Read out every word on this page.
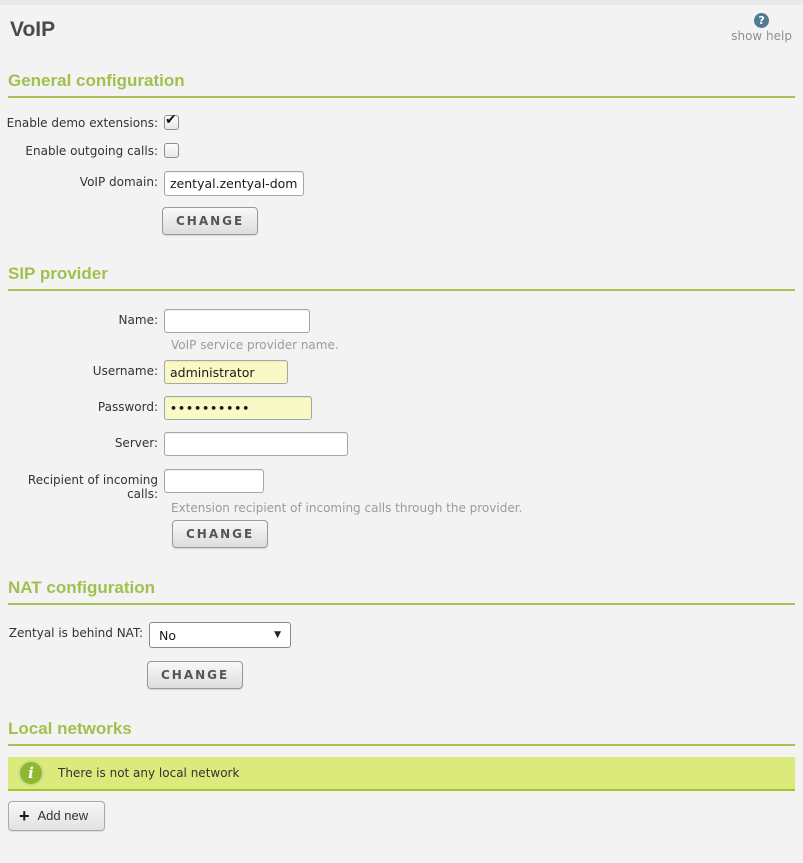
VoIP	?
show help
General configuration
Enable demo extensions: ✔
Enable outgoing calls:
VoIP domain:
zentyal.zentyal-domain
CHANGE
SIP provider
Name:
VoIP service provider name.
Username:
administrator
Password:
••••••••••
Server:
Recipient of incoming calls:
Extension recipient of incoming calls through the provider.
CHANGE
NAT configuration
Zentyal is behind NAT: No	▼
CHANGE
Local networks
i	There is not any local network
+ Add new
